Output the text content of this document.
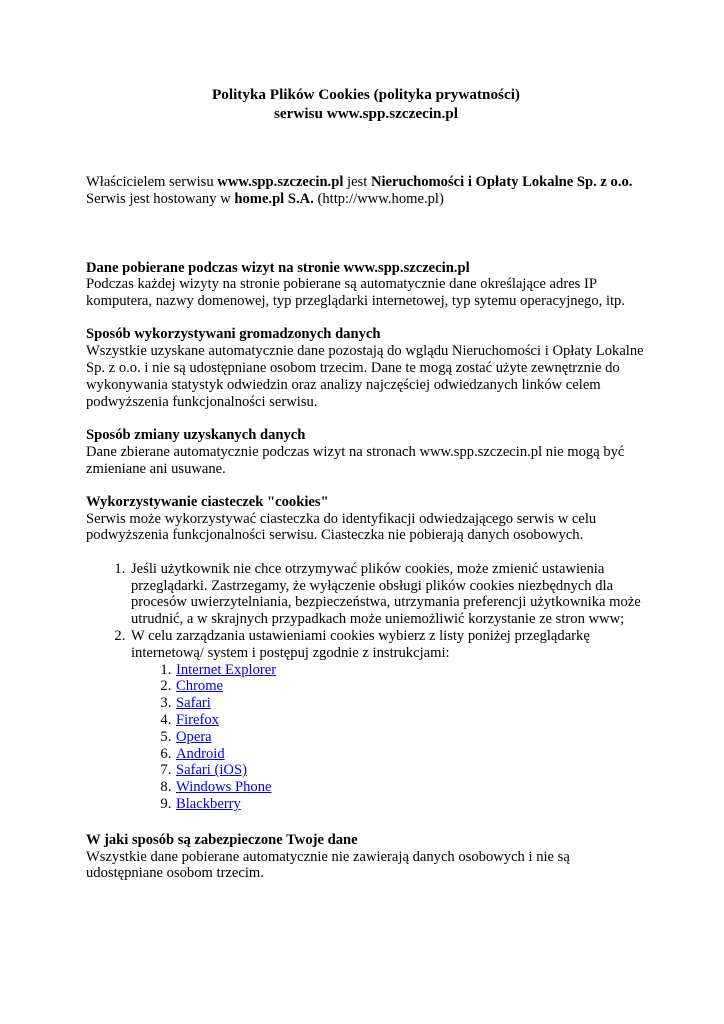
Polityka Plików Cookies (polityka prywatności)
serwisu www.spp.szczecin.pl

Właścicielem serwisu www.spp.szczecin.pl jest Nieruchomości i Opłaty Lokalne Sp. z o.o.
Serwis jest hostowany w home.pl S.A. (http://www.home.pl)

Dane pobierane podczas wizyt na stronie www.spp.szczecin.pl
Podczas każdej wizyty na stronie pobierane są automatycznie dane określające adres IP komputera, nazwy domenowej, typ przeglądarki internetowej, typ sytemu operacyjnego, itp.
Sposób wykorzystywani gromadzonych danych
Wszystkie uzyskane automatycznie dane pozostają do wglądu Nieruchomości i Opłaty Lokalne Sp. z o.o. i nie są udostępniane osobom trzecim. Dane te mogą zostać użyte zewnętrznie do wykonywania statystyk odwiedzin oraz analizy najczęściej odwiedzanych linków celem podwyższenia funkcjonalności serwisu.
Sposób zmiany uzyskanych danych
Dane zbierane automatycznie podczas wizyt na stronach www.spp.szczecin.pl nie mogą być zmieniane ani usuwane.
Wykorzystywanie ciasteczek "cookies"
Serwis może wykorzystywać ciasteczka do identyfikacji odwiedzającego serwis w celu podwyższenia funkcjonalności serwisu. Ciasteczka nie pobierają danych osobowych.
1. Jeśli użytkownik nie chce otrzymywać plików cookies, może zmienić ustawienia przeglądarki. Zastrzegamy, że wyłączenie obsługi plików cookies niezbędnych dla procesów uwierzytelniania, bezpieczeństwa, utrzymania preferencji użytkownika może utrudnić, a w skrajnych przypadkach może uniemożliwić korzystanie ze stron www;
2. W celu zarządzania ustawieniami cookies wybierz z listy poniżej przeglądarkę internetową/ system i postępuj zgodnie z instrukcjami:
1. Internet Explorer
2. Chrome
3. Safari
4. Firefox
5. Opera
6. Android
7. Safari (iOS)
8. Windows Phone
9. Blackberry
W jaki sposób są zabezpieczone Twoje dane
Wszystkie dane pobierane automatycznie nie zawierają danych osobowych i nie są udostępniane osobom trzecim.
